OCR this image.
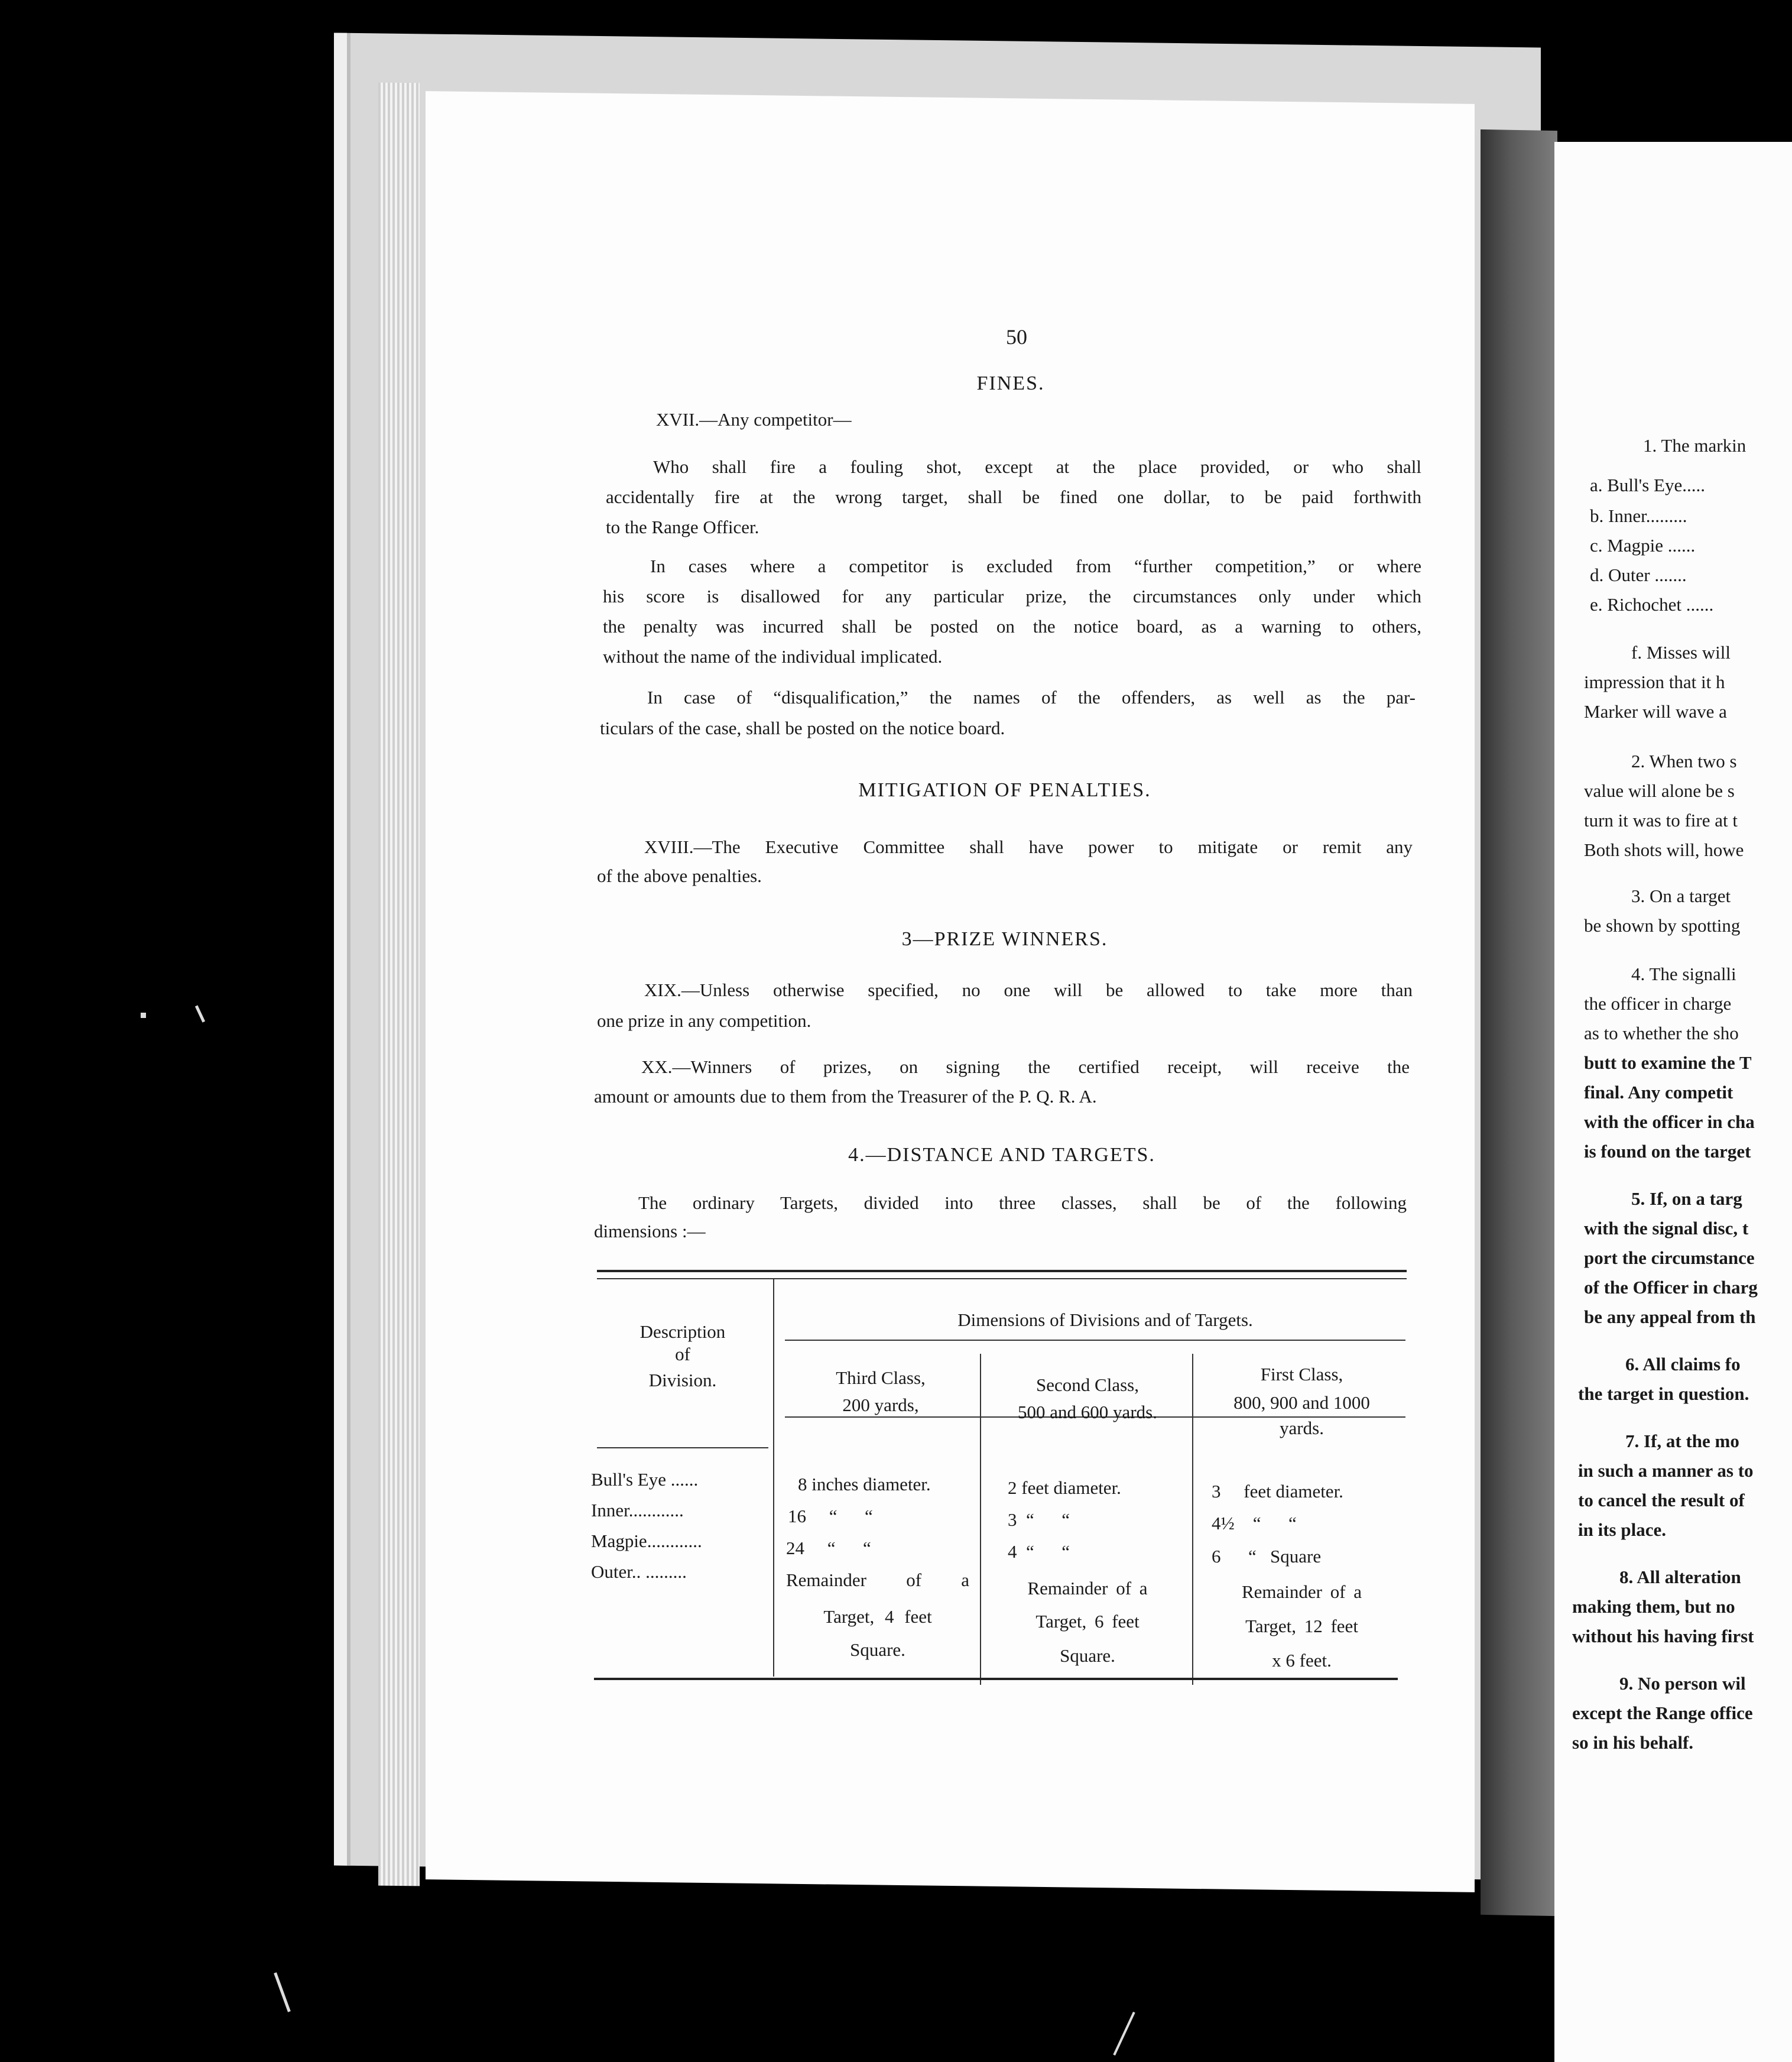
50
FINES.
XVII.—Any competitor—
Who shall fire a fouling shot, except at the place provided, or who shall
accidentally fire at the wrong target, shall be fined one dollar, to be paid forthwith
to the Range Officer.
In cases where a competitor is excluded from “further competition,” or where
his score is disallowed for any particular prize, the circumstances only under which
the penalty was incurred shall be posted on the notice board, as a warning to others,
without the name of the individual implicated.
In case of “disqualification,” the names of the offenders, as well as the par-
ticulars of the case, shall be posted on the notice board.
MITIGATION OF PENALTIES.
XVIII.—The Executive Committee shall have power to mitigate or remit any
of the above penalties.
3—PRIZE WINNERS.
XIX.—Unless otherwise specified, no one will be allowed to take more than
one prize in any competition.
XX.—Winners of prizes, on signing the certified receipt, will receive the
amount or amounts due to them from the Treasurer of the P. Q. R. A.
4.—DISTANCE AND TARGETS.
The ordinary Targets, divided into three classes, shall be of the following
dimensions :—
Description
of
Division.
Dimensions of Divisions and of Targets.
Third Class,
200 yards,
Second Class,
500 and 600 yards.
First Class,
800, 900 and 1000
yards.
Bull's Eye ......
Inner............
Magpie............
Outer.. .........
8 inches diameter.
16     “      “
24     “      “
Remainder of a
Target, 4 feet
Square.
2 feet diameter.
3  “      “
4  “      “
Remainder of a
Target, 6 feet
Square.
3     feet diameter.
4½    “      “
6      “   Square
Remainder of a
Target, 12 feet
x 6 feet.
1. The markin
a. Bull's Eye.....
b. Inner.........
c. Magpie ......
d. Outer .......
e. Richochet ......
f. Misses will
impression that it h
Marker will wave a
2. When two s
value will alone be s
turn it was to fire at t
Both shots will, howe
3. On a target
be shown by spotting
4. The signalli
the officer in charge
as to whether the sho
butt to examine the T
final. Any competit
with the officer in cha
is found on the target
5. If, on a targ
with the signal disc, t
port the circumstance
of the Officer in charg
be any appeal from th
6. All claims fo
the target in question.
7. If, at the mo
in such a manner as to
to cancel the result of
in its place.
8. All alteration
making them, but no
without his having first
9. No person wil
except the Range office
so in his behalf.
